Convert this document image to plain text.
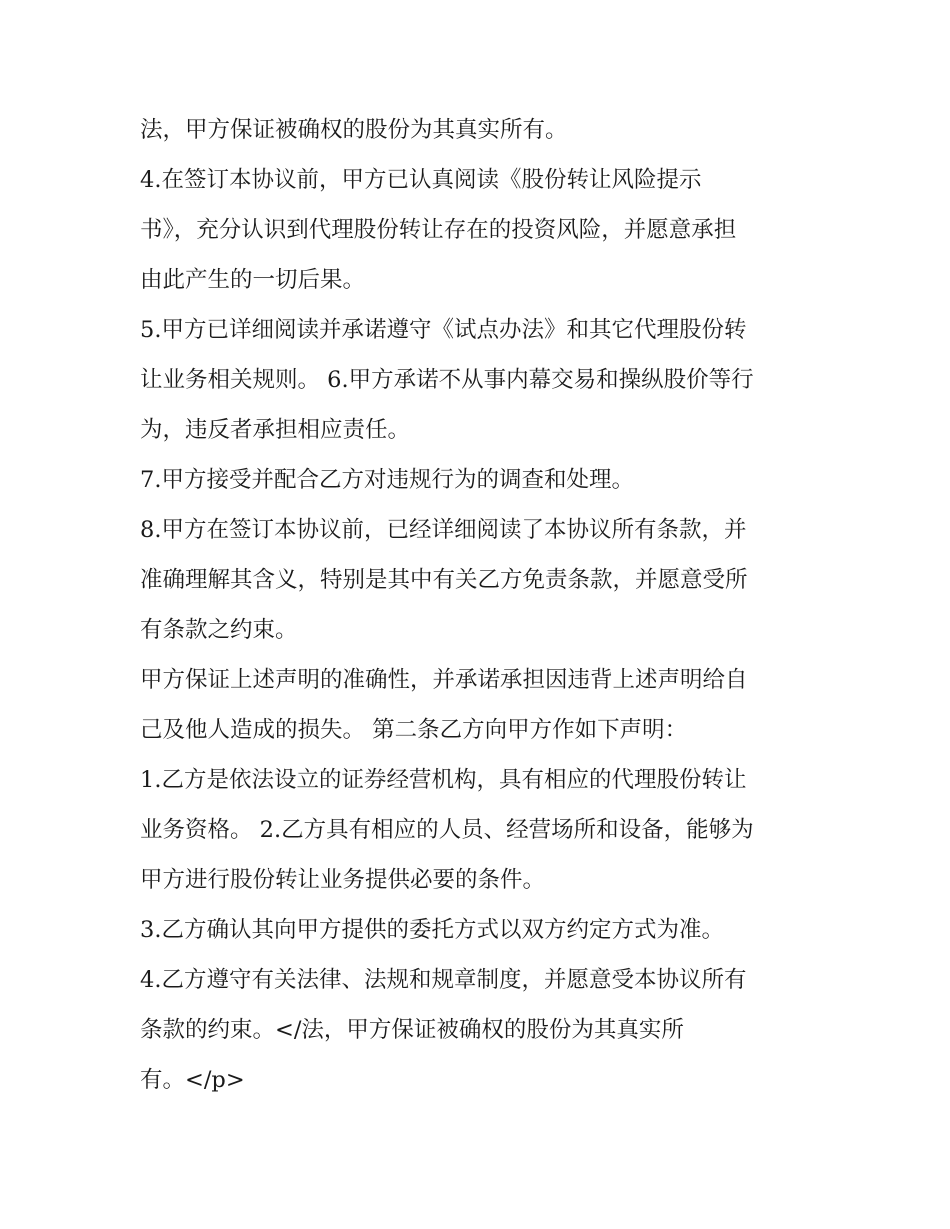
法，甲方保证被确权的股份为其真实所有。
4.在签订本协议前，甲方已认真阅读《股份转让风险提示
书》，充分认识到代理股份转让存在的投资风险，并愿意承担
由此产生的一切后果。
5.甲方已详细阅读并承诺遵守《试点办法》和其它代理股份转
让业务相关规则。 6.甲方承诺不从事内幕交易和操纵股价等行
为，违反者承担相应责任。
7.甲方接受并配合乙方对违规行为的调查和处理。
8.甲方在签订本协议前，已经详细阅读了本协议所有条款，并
准确理解其含义，特别是其中有关乙方免责条款，并愿意受所
有条款之约束。
甲方保证上述声明的准确性，并承诺承担因违背上述声明给自
己及他人造成的损失。 第二条乙方向甲方作如下声明：
1.乙方是依法设立的证券经营机构，具有相应的代理股份转让
业务资格。 2.乙方具有相应的人员、经营场所和设备，能够为
甲方进行股份转让业务提供必要的条件。
3.乙方确认其向甲方提供的委托方式以双方约定方式为准。
4.乙方遵守有关法律、法规和规章制度，并愿意受本协议所有
条款的约束。</法，甲方保证被确权的股份为其真实所
有。</p>
